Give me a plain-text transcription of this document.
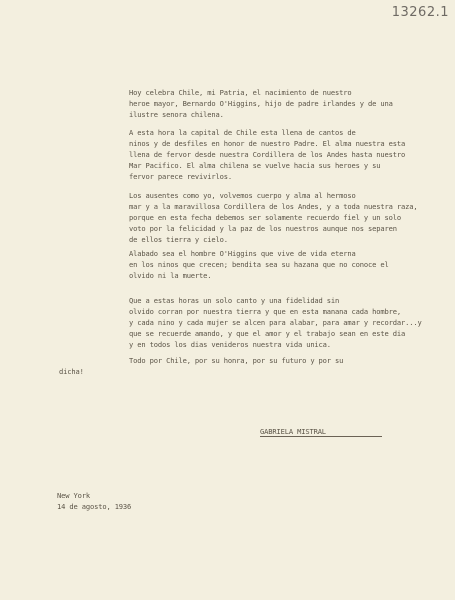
13262.1
Hoy celebra Chile, mi Patria, el nacimiento de nuestro
heroe mayor, Bernardo O'Higgins, hijo de padre irlandes y de una
ilustre senora chilena.
A esta hora la capital de Chile esta llena de cantos de
ninos y de desfiles en honor de nuestro Padre. El alma nuestra esta
llena de fervor desde nuestra Cordillera de los Andes hasta nuestro
Mar Pacifico. El alma chilena se vuelve hacia sus heroes y su
fervor parece revivirlos.
Los ausentes como yo, volvemos cuerpo y alma al hermoso
mar y a la maravillosa Cordillera de los Andes, y a toda nuestra raza,
porque en esta fecha debemos ser solamente recuerdo fiel y un solo
voto por la felicidad y la paz de los nuestros aunque nos separen
de ellos tierra y cielo.
Alabado sea el hombre O'Higgins que vive de vida eterna
en los ninos que crecen; bendita sea su hazana que no conoce el
olvido ni la muerte.
Que a estas horas un solo canto y una fidelidad sin
olvido corran por nuestra tierra y que en esta manana cada hombre,
y cada nino y cada mujer se alcen para alabar, para amar y recordar...y
que se recuerde amando, y que el amor y el trabajo sean en este dia
y en todos los dias venideros nuestra vida unica.
Todo por Chile, por su honra, por su futuro y por su
dicha!
GABRIELA MISTRAL
New York
14 de agosto, 1936
